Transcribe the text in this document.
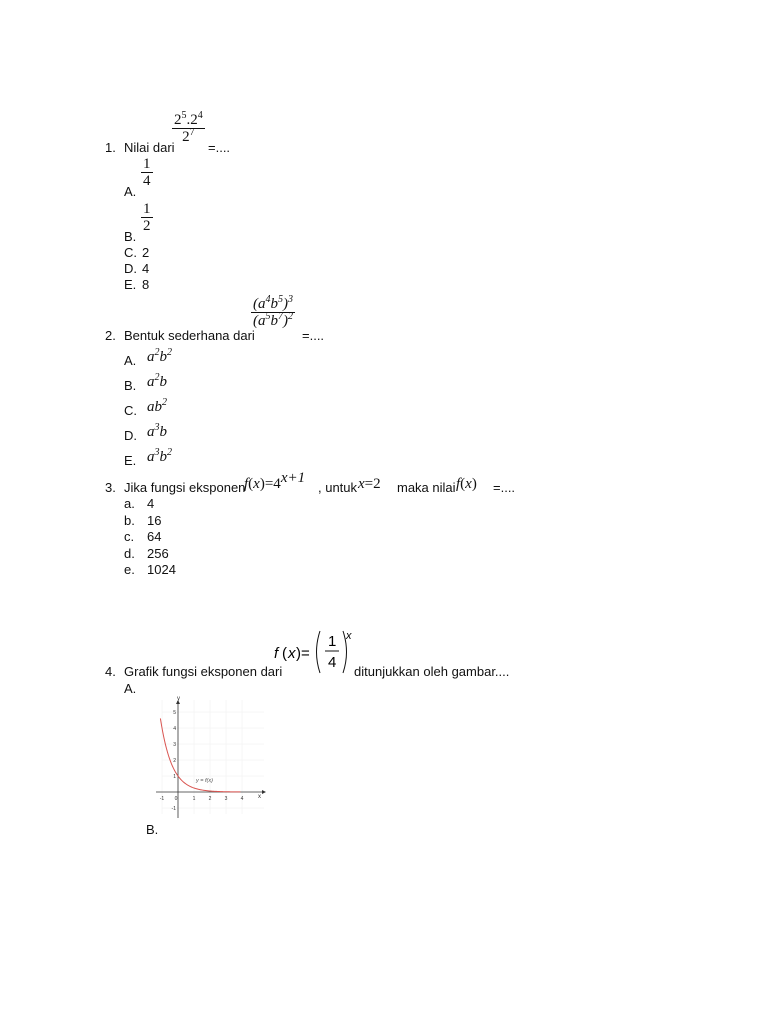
1. Nilai dari
$\frac{2^5.2^4}{2^7}$
=....
A.
$\frac{1}{4}$
B.
$\frac{1}{2}$
C. 2
D. 4
E. 8
2. Bentuk sederhana dari
$\frac{(a^4b^5)^3}{(a^5b^7)^2}$
=....
A. $a^2b^2$
B. $a^2b$
C. $ab^2$
D. $a^3b$
E. $a^3b^2$
3. Jika fungsi eksponen
$f(x)=4^{x+1}$
, untuk x=2 maka nilai f(x) =....
a. 4
b. 16
c. 64
d. 256
e. 1024
4. Grafik fungsi eksponen dari
f ( x )=
1
4
x
ditunjukkan oleh gambar....
A.
x
y
-1 0	1	2	3	4
5
4
3
2
1
-1
y = f(x)
B.
